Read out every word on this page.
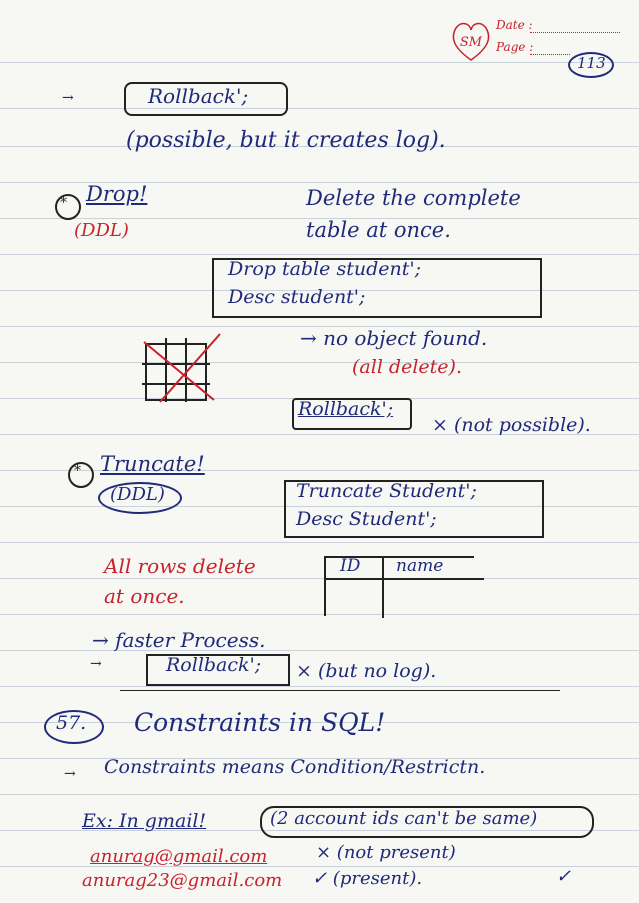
SM
Date :
Page :
113
→	Rollback';
(possible, but it creates log).
* Drop!
(DDL)
Delete the complete
table at once.
Drop table student';
Desc student';
→ no object found.
(all delete).
Rollback';
× (not possible).
* Truncate!
(DDL)	Truncate Student';
Desc Student';
All rows delete
at once.
ID name
→ faster Process.
Rollback'; × (but no log).
→
57. Constraints in SQL!
→ Constraints means Condition/Restrictn.
Ex: In gmail!	(2 account ids can't be same)
anurag@gmail.com	× (not present)
anurag23@gmail.com ✓ (present).	✓
